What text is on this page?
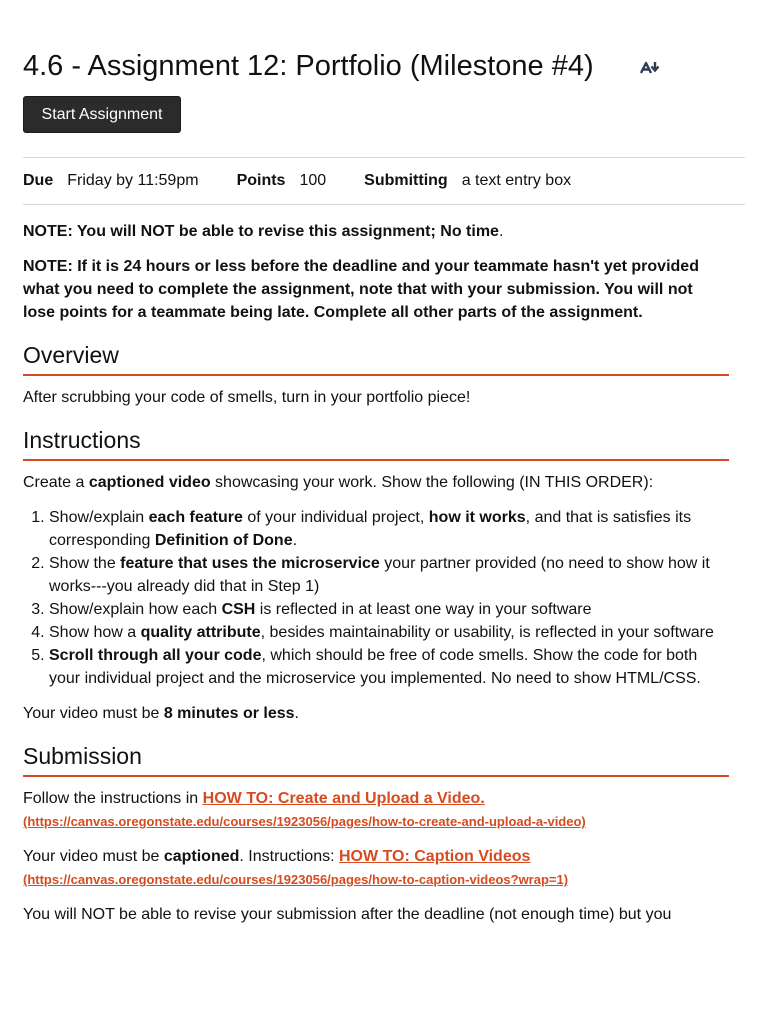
4.6 - Assignment 12: Portfolio (Milestone #4)
Start Assignment
Due Friday by 11:59pm Points 100 Submitting a text entry box

NOTE: You will NOT be able to revise this assignment; No time.

NOTE: If it is 24 hours or less before the deadline and your teammate hasn't yet provided what you need to complete the assignment, note that with your submission. You will not lose points for a teammate being late. Complete all other parts of the assignment.

Overview

After scrubbing your code of smells, turn in your portfolio piece!

Instructions

Create a captioned video showcasing your work. Show the following (IN THIS ORDER):

1. Show/explain each feature of your individual project, how it works, and that is satisfies its corresponding Definition of Done.
2. Show the feature that uses the microservice your partner provided (no need to show how it works---you already did that in Step 1)
3. Show/explain how each CSH is reflected in at least one way in your software
4. Show how a quality attribute, besides maintainability or usability, is reflected in your software
5. Scroll through all your code, which should be free of code smells. Show the code for both your individual project and the microservice you implemented. No need to show HTML/CSS.

Your video must be 8 minutes or less.

Submission

Follow the instructions in HOW TO: Create and Upload a Video.
(https://canvas.oregonstate.edu/courses/1923056/pages/how-to-create-and-upload-a-video)

Your video must be captioned. Instructions: HOW TO: Caption Videos
(https://canvas.oregonstate.edu/courses/1923056/pages/how-to-caption-videos?wrap=1)

You will NOT be able to revise your submission after the deadline (not enough time) but you
